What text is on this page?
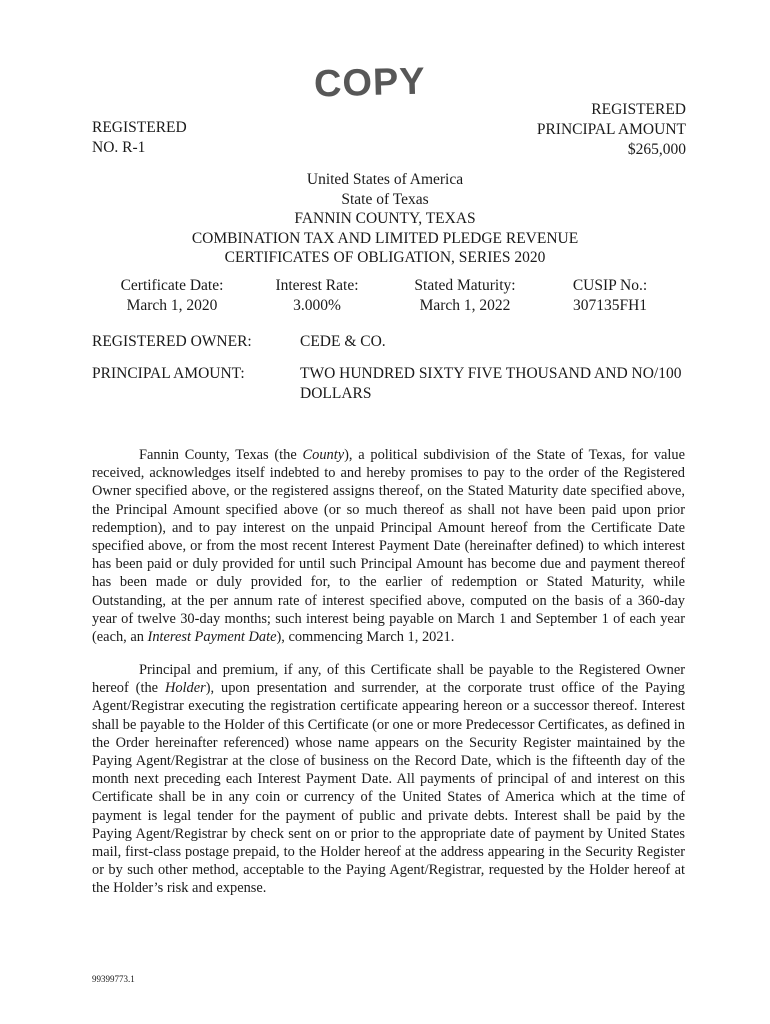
COPY
REGISTERED
NO. R-1
REGISTERED
PRINCIPAL AMOUNT
$265,000
United States of America
State of Texas
FANNIN COUNTY, TEXAS
COMBINATION TAX AND LIMITED PLEDGE REVENUE
CERTIFICATES OF OBLIGATION, SERIES 2020
Certificate Date:
March 1, 2020
Interest Rate:
3.000%
Stated Maturity:
March 1, 2022
CUSIP No.:
307135FH1
REGISTERED OWNER:	CEDE & CO.
PRINCIPAL AMOUNT:	TWO HUNDRED SIXTY FIVE THOUSAND AND NO/100
DOLLARS
Fannin County, Texas (the County), a political subdivision of the State of Texas, for value received, acknowledges itself indebted to and hereby promises to pay to the order of the Registered Owner specified above, or the registered assigns thereof, on the Stated Maturity date specified above, the Principal Amount specified above (or so much thereof as shall not have been paid upon prior redemption), and to pay interest on the unpaid Principal Amount hereof from the Certificate Date specified above, or from the most recent Interest Payment Date (hereinafter defined) to which interest has been paid or duly provided for until such Principal Amount has become due and payment thereof has been made or duly provided for, to the earlier of redemption or Stated Maturity, while Outstanding, at the per annum rate of interest specified above, computed on the basis of a 360-day year of twelve 30-day months; such interest being payable on March 1 and September 1 of each year (each, an Interest Payment Date), commencing March 1, 2021.
Principal and premium, if any, of this Certificate shall be payable to the Registered Owner hereof (the Holder), upon presentation and surrender, at the corporate trust office of the Paying Agent/Registrar executing the registration certificate appearing hereon or a successor thereof. Interest shall be payable to the Holder of this Certificate (or one or more Predecessor Certificates, as defined in the Order hereinafter referenced) whose name appears on the Security Register maintained by the Paying Agent/Registrar at the close of business on the Record Date, which is the fifteenth day of the month next preceding each Interest Payment Date. All payments of principal of and interest on this Certificate shall be in any coin or currency of the United States of America which at the time of payment is legal tender for the payment of public and private debts. Interest shall be paid by the Paying Agent/Registrar by check sent on or prior to the appropriate date of payment by United States mail, first-class postage prepaid, to the Holder hereof at the address appearing in the Security Register or by such other method, acceptable to the Paying Agent/Registrar, requested by the Holder hereof at the Holder’s risk and expense.
99399773.1
